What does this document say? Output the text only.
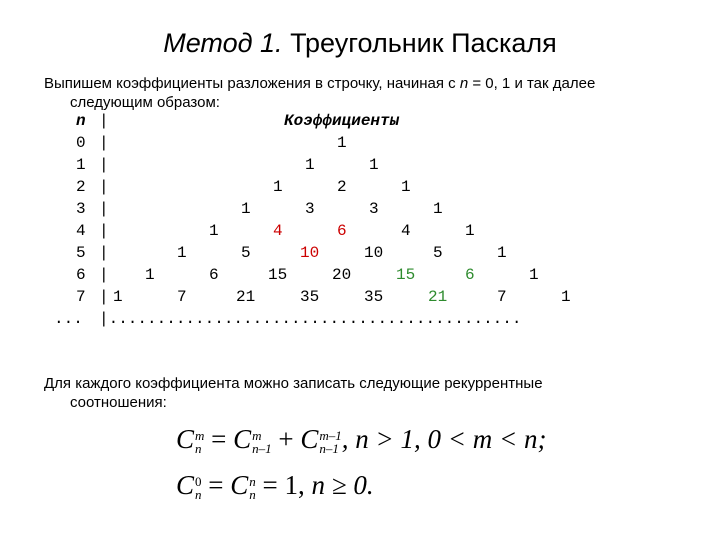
Метод 1. Треугольник Паскаля
Выпишем коэффициенты разложения в строчку, начиная с n = 0, 1 и так далее
следующим образом:
n |	Коэффициенты
... |...........................................
0 |	1
1 |	1	1
2 |	1	2	1
3 |	1	3	3	1
4 |	1	4	6	4	1
5 |	1	5	10	10	5	1
6 | 1	6	15	20	15	6	1
7 | 1	7	21	35	35	21	7	1
Для каждого коэффициента можно записать следующие рекуррентные
соотношения:
C m
n = C m
n–1 + C m–1
n–1 , n > 1, 0 < m < n;
C 0
n = C n
n = 1, n ≥ 0.
